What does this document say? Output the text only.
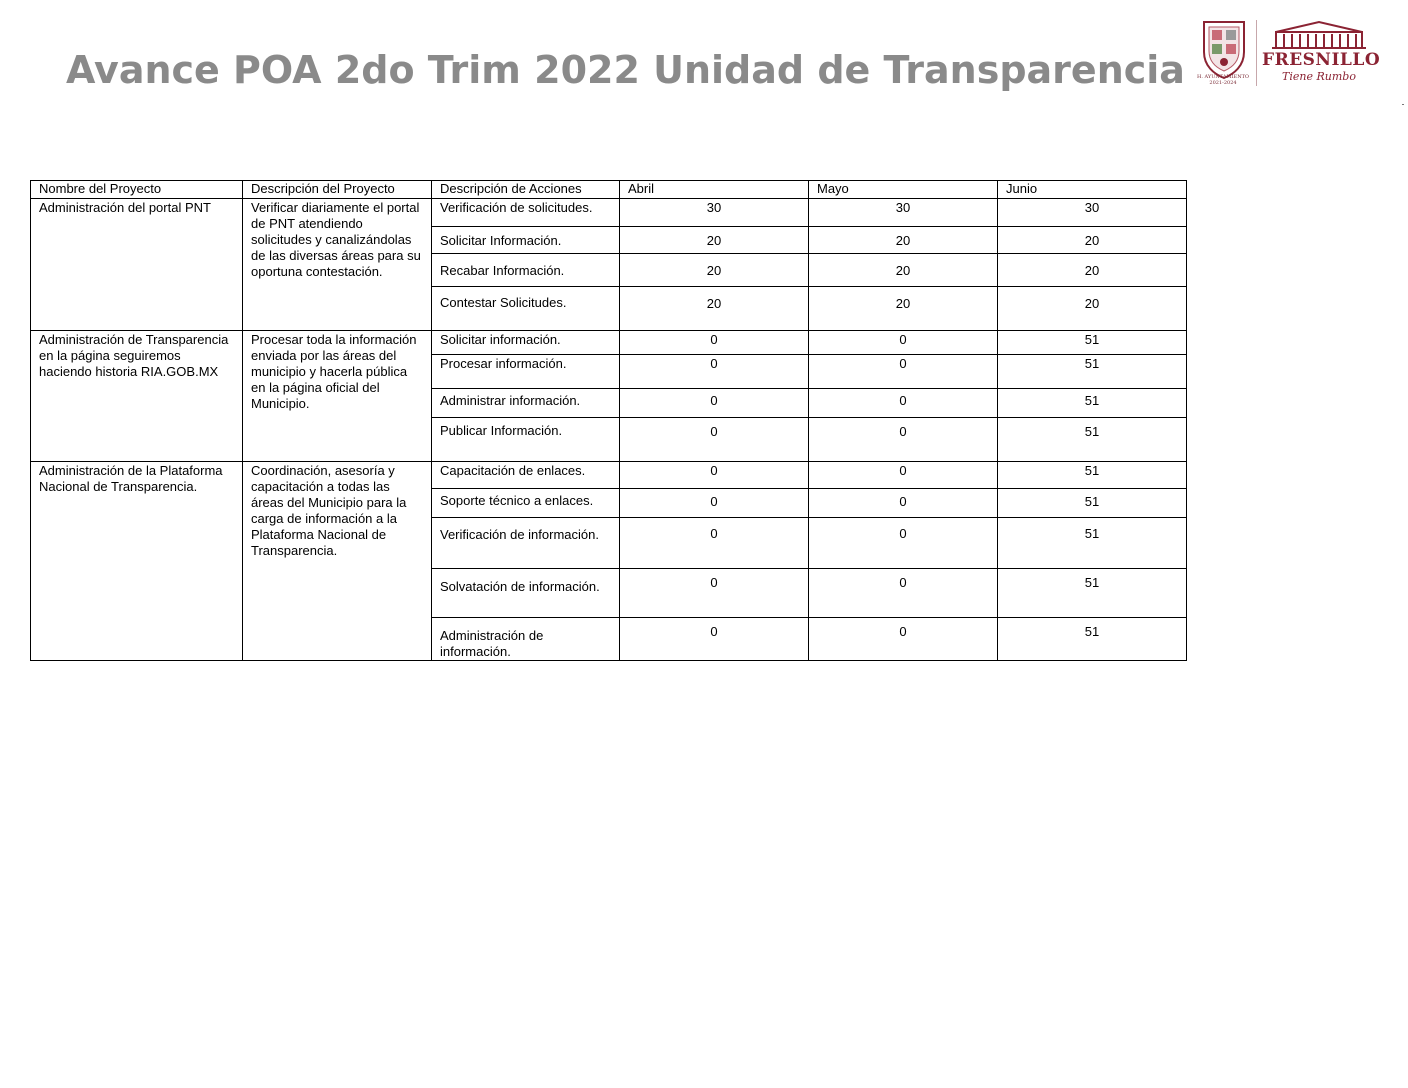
Avance POA 2do Trim 2022 Unidad de Transparencia	H. AYUNTAMIENTO
2021-2024
FRESNILLO
Tiene Rumbo
Nombre del Proyecto	Descripción del Proyecto	Descripción de Acciones	Abril	Mayo	Junio
Administración del portal PNT	Verificar diariamente el portal de PNT atendiendo solicitudes y canalizándolas de las diversas áreas para su oportuna contestación.	Verificación de solicitudes.	30	30	30
		Solicitar Información.	20	20	20
		Recabar Información.	20	20	20
		Contestar Solicitudes.	20	20	20
Administración de Transparencia en la página seguiremos haciendo historia RIA.GOB.MX	Procesar toda la información enviada por las áreas del municipio y hacerla pública en la página oficial del Municipio.	Solicitar información.	0	0	51
		Procesar información.	0	0	51
		Administrar información.	0	0	51
		Publicar Información.	0	0	51
Administración de la Plataforma Nacional de Transparencia.	Coordinación, asesoría y capacitación a todas las áreas del Municipio para la carga de información a la Plataforma Nacional de Transparencia.	Capacitación de enlaces.	0	0	51
		Soporte técnico a enlaces.	0	0	51
		Verificación de información.	0	0	51
		Solvatación de información.	0	0	51
		Administración de información.	0	0	51
